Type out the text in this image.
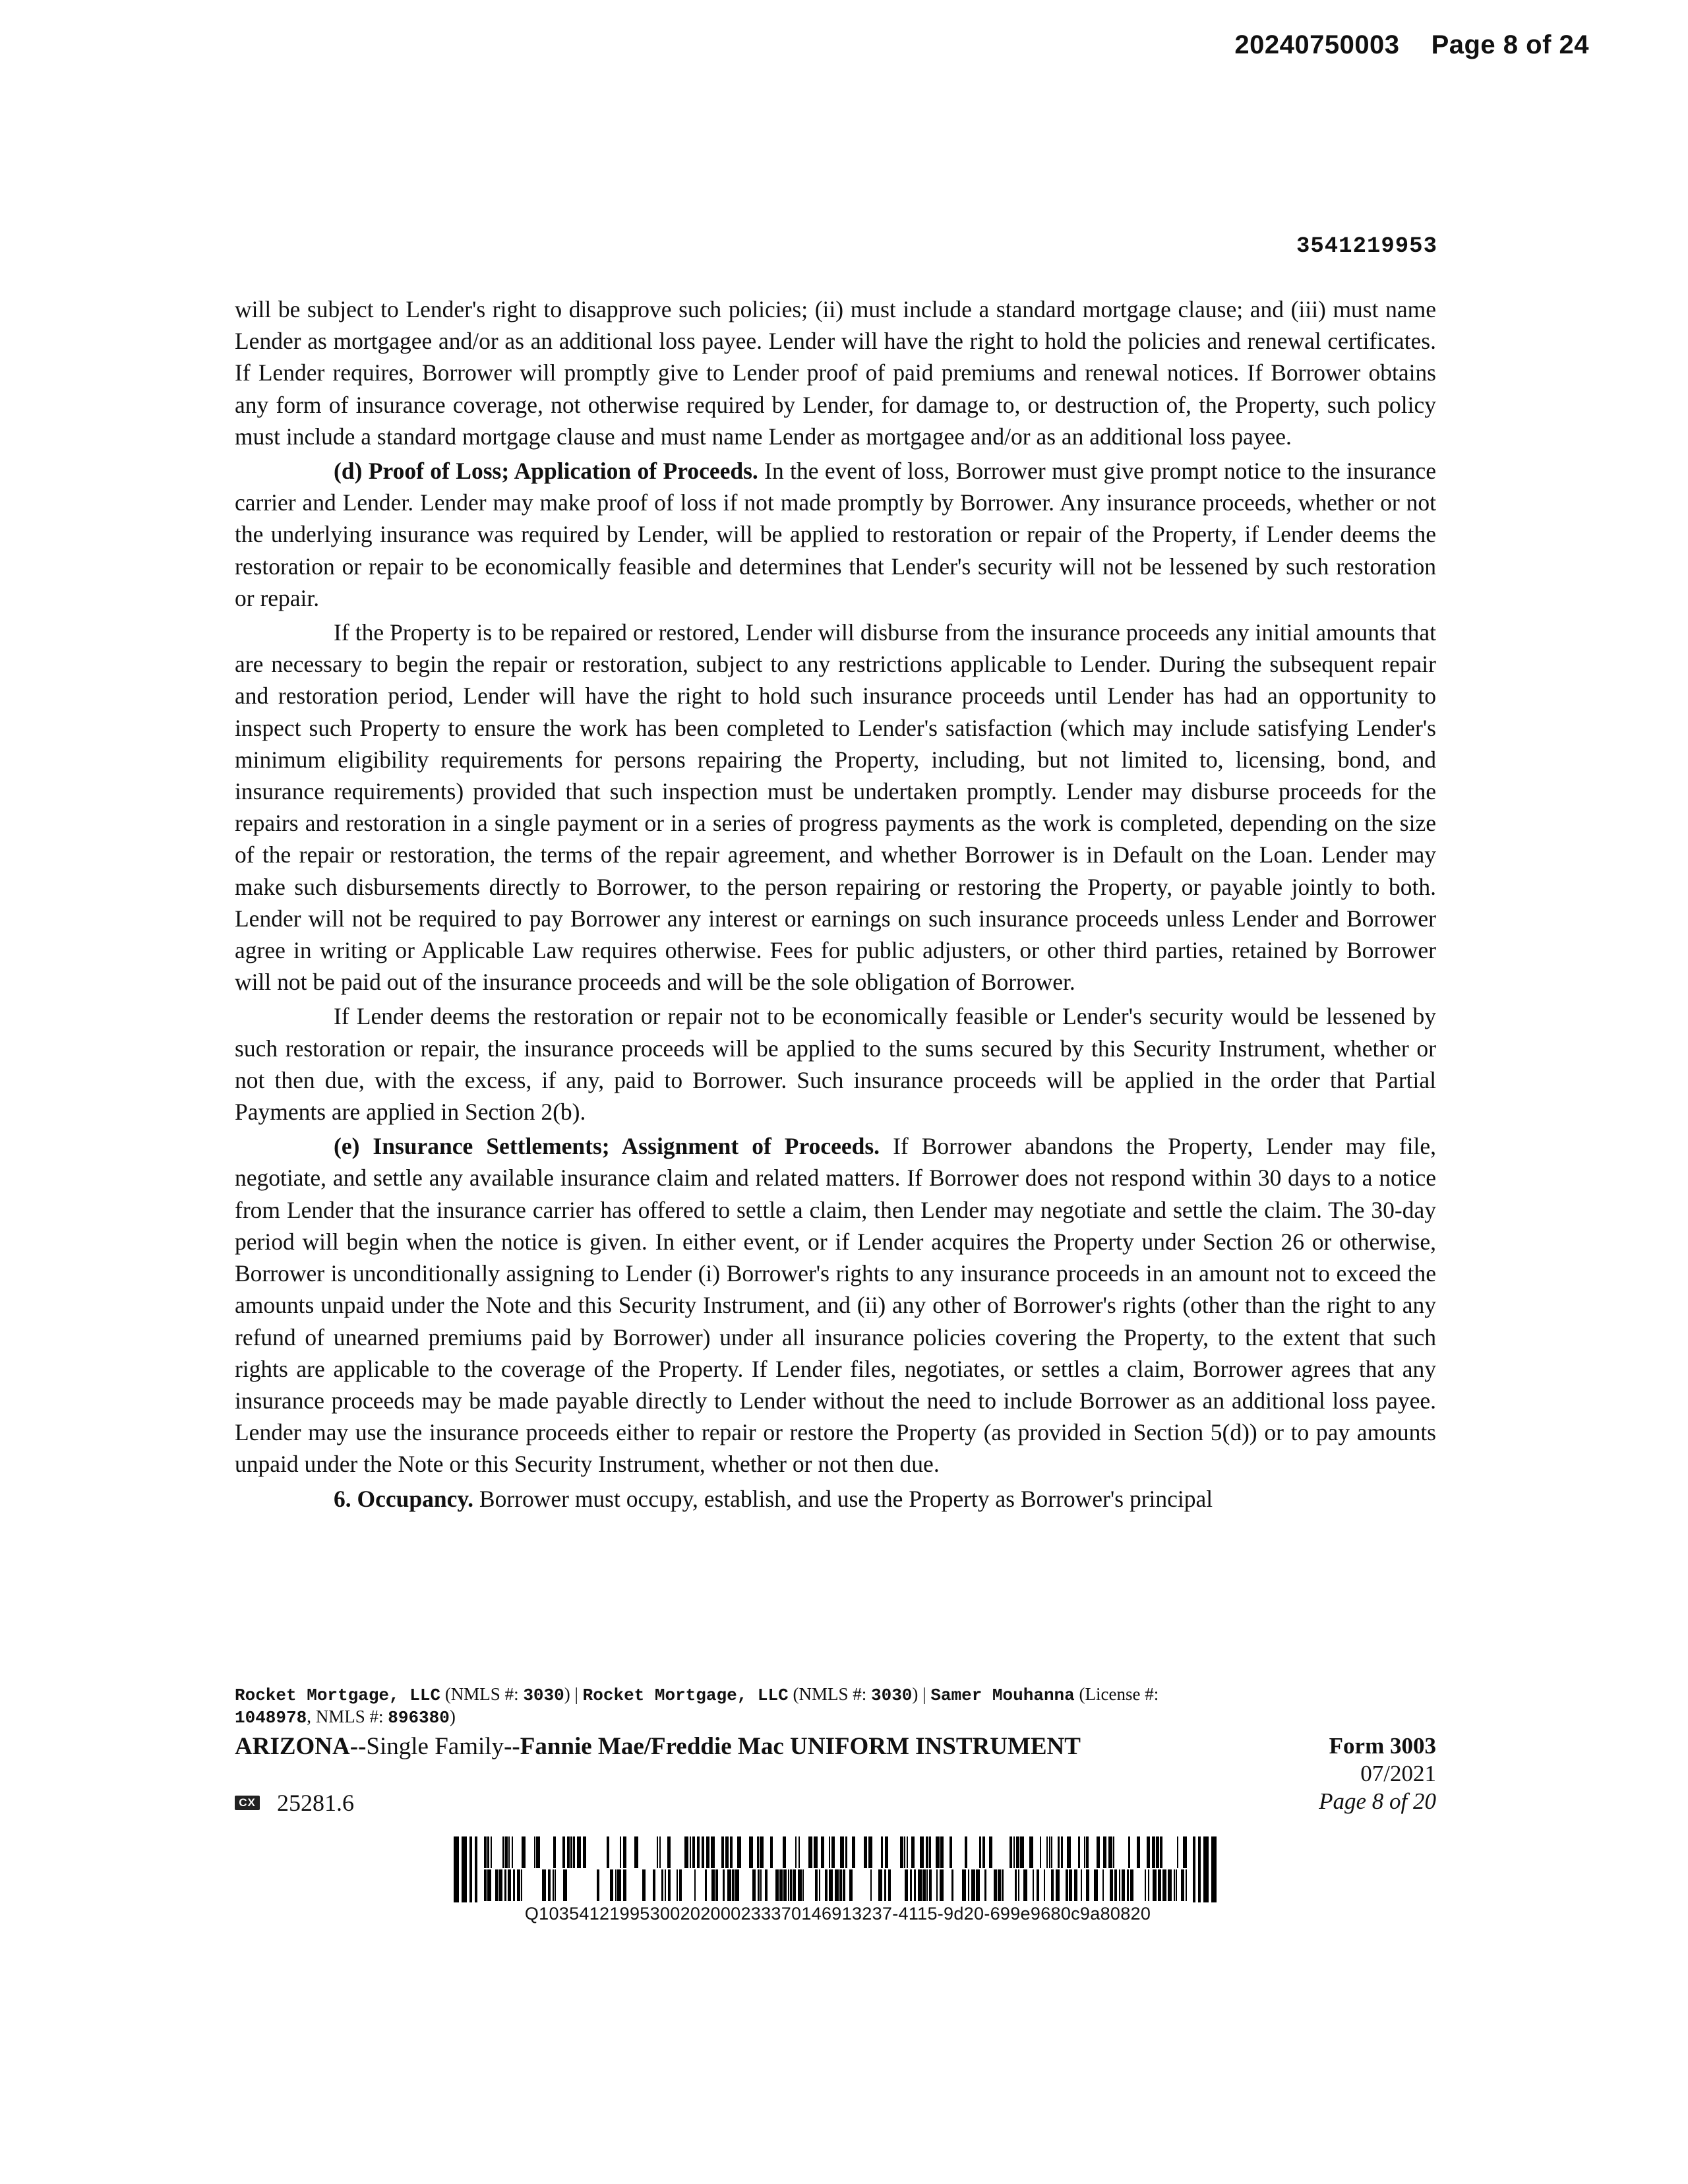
20240750003 Page 8 of 24
3541219953

will be subject to Lender's right to disapprove such policies; (ii) must include a standard mortgage clause; and (iii) must name Lender as mortgagee and/or as an additional loss payee. Lender will have the right to hold the policies and renewal certificates. If Lender requires, Borrower will promptly give to Lender proof of paid premiums and renewal notices. If Borrower obtains any form of insurance coverage, not otherwise required by Lender, for damage to, or destruction of, the Property, such policy must include a standard mortgage clause and must name Lender as mortgagee and/or as an additional loss payee.

(d) Proof of Loss; Application of Proceeds. In the event of loss, Borrower must give prompt notice to the insurance carrier and Lender. Lender may make proof of loss if not made promptly by Borrower. Any insurance proceeds, whether or not the underlying insurance was required by Lender, will be applied to restoration or repair of the Property, if Lender deems the restoration or repair to be economically feasible and determines that Lender's security will not be lessened by such restoration or repair.

If the Property is to be repaired or restored, Lender will disburse from the insurance proceeds any initial amounts that are necessary to begin the repair or restoration, subject to any restrictions applicable to Lender. During the subsequent repair and restoration period, Lender will have the right to hold such insurance proceeds until Lender has had an opportunity to inspect such Property to ensure the work has been completed to Lender's satisfaction (which may include satisfying Lender's minimum eligibility requirements for persons repairing the Property, including, but not limited to, licensing, bond, and insurance requirements) provided that such inspection must be undertaken promptly. Lender may disburse proceeds for the repairs and restoration in a single payment or in a series of progress payments as the work is completed, depending on the size of the repair or restoration, the terms of the repair agreement, and whether Borrower is in Default on the Loan. Lender may make such disbursements directly to Borrower, to the person repairing or restoring the Property, or payable jointly to both. Lender will not be required to pay Borrower any interest or earnings on such insurance proceeds unless Lender and Borrower agree in writing or Applicable Law requires otherwise. Fees for public adjusters, or other third parties, retained by Borrower will not be paid out of the insurance proceeds and will be the sole obligation of Borrower.

If Lender deems the restoration or repair not to be economically feasible or Lender's security would be lessened by such restoration or repair, the insurance proceeds will be applied to the sums secured by this Security Instrument, whether or not then due, with the excess, if any, paid to Borrower. Such insurance proceeds will be applied in the order that Partial Payments are applied in Section 2(b).

(e) Insurance Settlements; Assignment of Proceeds. If Borrower abandons the Property, Lender may file, negotiate, and settle any available insurance claim and related matters. If Borrower does not respond within 30 days to a notice from Lender that the insurance carrier has offered to settle a claim, then Lender may negotiate and settle the claim. The 30-day period will begin when the notice is given. In either event, or if Lender acquires the Property under Section 26 or otherwise, Borrower is unconditionally assigning to Lender (i) Borrower's rights to any insurance proceeds in an amount not to exceed the amounts unpaid under the Note and this Security Instrument, and (ii) any other of Borrower's rights (other than the right to any refund of unearned premiums paid by Borrower) under all insurance policies covering the Property, to the extent that such rights are applicable to the coverage of the Property. If Lender files, negotiates, or settles a claim, Borrower agrees that any insurance proceeds may be made payable directly to Lender without the need to include Borrower as an additional loss payee. Lender may use the insurance proceeds either to repair or restore the Property (as provided in Section 5(d)) or to pay amounts unpaid under the Note or this Security Instrument, whether or not then due.

6. Occupancy. Borrower must occupy, establish, and use the Property as Borrower's principal

Rocket Mortgage, LLC (NMLS #: 3030) | Rocket Mortgage, LLC (NMLS #: 3030) | Samer Mouhanna (License #:
1048978, NMLS #: 896380)
ARIZONA--Single Family--Fannie Mae/Freddie Mac UNIFORM INSTRUMENT	Form 3003
07/2021
Page 8 of 20
CX 25281.6
Q10354121995300202000233370146913237-4115-9d20-699e9680c9a80820
